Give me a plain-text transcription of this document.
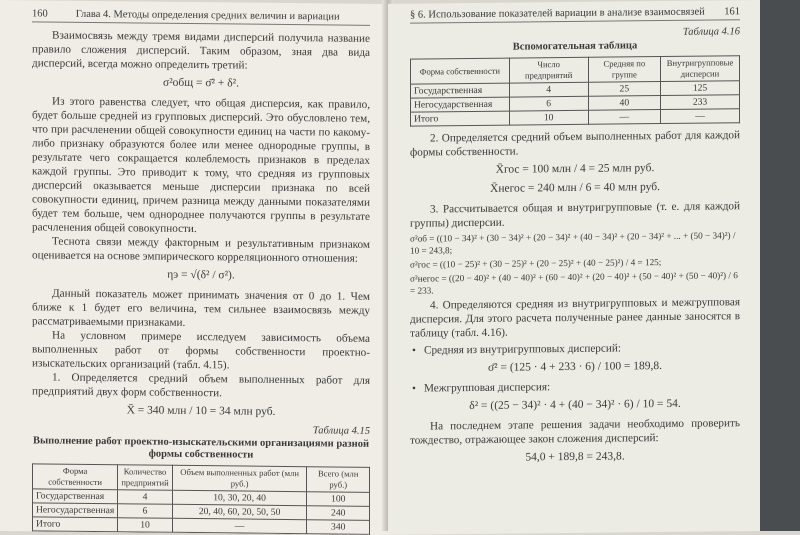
160	Глава 4. Методы определения средних величин и вариации

Взаимосвязь между тремя видами дисперсий получила название правило сложения дисперсий. Таким образом, зная два вида дисперсий, всегда можно определить третий:

σ²общ = σ̄² + δ².

Из этого равенства следует, что общая дисперсия, как правило, будет больше средней из групповых дисперсий. Это обусловлено тем, что при расчленении общей совокупности единиц на части по какому-либо признаку образуются более или менее однородные группы, в результате чего сокращается колеблемость признаков в пределах каждой группы. Это приводит к тому, что средняя из групповых дисперсий оказывается меньше дисперсии признака по всей совокупности единиц, причем разница между данными показателями будет тем больше, чем однороднее получаются группы в результате расчленения общей совокупности.

Теснота связи между факторным и результативным признаком оценивается на основе эмпирического корреляционного отношения:

ηэ = √(δ² / σ²).

Данный показатель может принимать значения от 0 до 1. Чем ближе к 1 будет его величина, тем сильнее взаимосвязь между рассматриваемыми признаками.

На условном примере исследуем зависимость объема выполненных работ от формы собственности проектно-изыскательских организаций (табл. 4.15).

1. Определяется средний объем выполненных работ для предприятий двух форм собственности.

X̄ = 340 млн / 10 = 34 млн руб.
Таблица 4.15
Выполнение работ проектно-изыскательскими организациями разной формы собственности
Форма собственности	Количество предприятий	Объем выполненных работ (млн руб.)	Всего (млн руб.)
Государственная	4	10, 30, 20, 40	100
Негосударственная	6	20, 40, 60, 20, 50, 50	240
Итого	10	—	340
§ 6. Использование показателей вариации в анализе взаимосвязей 161
Таблица 4.16
Вспомогательная таблица
Форма собственности	Число предприятий	Средняя по группе	Внутригрупповые дисперсии
Государственная	4	25	125
Негосударственная	6	40	233
Итого	10	—	—

2. Определяется средний объем выполненных работ для каждой формы собственности.

X̄гос = 100 млн / 4 = 25 млн руб.
X̄негос = 240 млн / 6 = 40 млн руб.

3. Рассчитывается общая и внутригрупповые (т. е. для каждой группы) дисперсии.

σ²об = ((10 − 34)² + (30 − 34)² + (20 − 34)² + (40 − 34)² + (20 − 34)² + ... + (50 − 34)²) / 10 = 243,8;
σ²гос = ((10 − 25)² + (30 − 25)² + (20 − 25)² + (40 − 25)²) / 4 = 125;
σ²негос = ((20 − 40)² + (40 − 40)² + (60 − 40)² + (20 − 40)² + (50 − 40)² + (50 − 40)²) / 6 = 233.

4. Определяются средняя из внутригрупповых и межгрупповая дисперсия. Для этого расчета полученные ранее данные заносятся в таблицу (табл. 4.16).

• Средняя из внутригрупповых дисперсий:
σ̄² = (125 · 4 + 233 · 6) / 100 = 189,8.
• Межгрупповая дисперсия:
δ² = ((25 − 34)² · 4 + (40 − 34)² · 6) / 10 = 54.

На последнем этапе решения задачи необходимо проверить тождество, отражающее закон сложения дисперсий:

54,0 + 189,8 = 243,8.
